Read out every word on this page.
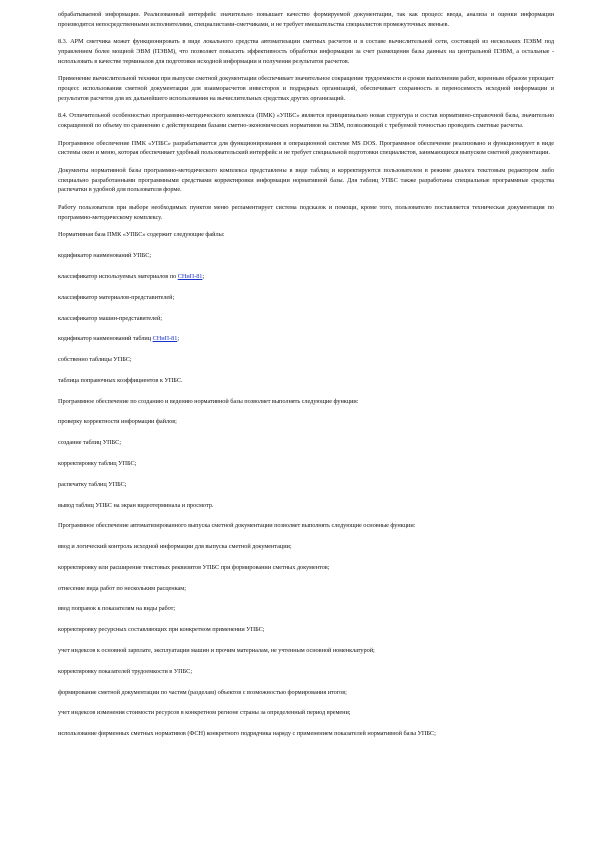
обрабатываемой информации. Реализованный интерфейс значительно повышает качество формируемой документации, так как процесс ввода, анализа и оценки информации производится непосредственными исполнителями, специалистами-сметчиками, и не требует вмешательства специалистов промежуточных звеньев.

8.3. АРМ сметчика может функционировать в виде локального средства автоматизации сметных расчетов и в составе вычислительной сети, состоящей из нескольких ПЭВМ под управлением более мощной ЭВМ (ПЭВМ), что позволяет повысить эффективность обработки информации за счет размещения базы данных на центральной ПЭВМ, а остальные - использовать в качестве терминалов для подготовки исходной информации и получения результатов расчетов.

Применение вычислительной техники при выпуске сметной документации обеспечивает значительное сокращение трудоемкости и сроков выполнения работ, коренным образом упрощает процесс использования сметной документации для взаиморасчетов инвесторов и подрядных организаций, обеспечивает сохранность и переносимость исходной информации и результатов расчетов для их дальнейшего использования на вычислительных средствах других организаций.

8.4. Отличительной особенностью программно-методического комплекса (ПМК) «УПБС» является принципиально новая структура и состав нормативно-справочной базы, значительно сокращенной по объему по сравнению с действующими базами сметно-экономических нормативов на ЭВМ, позволяющей с требуемой точностью проводить сметные расчеты.

Программное обеспечение ПМК «УПБС» разрабатывается для функционирования в операционной системе MS DOS. Программное обеспечение реализовано и функционирует в виде системы окон и меню, которая обеспечивает удобный пользовательский интерфейс и не требует специальной подготовки специалистов, занимающихся выпуском сметной документации.

Документы нормативной базы программно-методического комплекса представлены в виде таблиц и корректируются пользователем в режиме диалога текстовым редактором либо специально разработанными программными средствами корректировки информации нормативной базы. Для таблиц УПБС также разработаны специальные программные средства распечатки в удобной для пользователя форме.

Работу пользователя при выборе необходимых пунктов меню регламентирует система подсказок и помощи, кроме того, пользователю поставляется техническая документация по программно-методическому комплексу.

Нормативная база ПМК «УПБС» содержит следующие файлы:

кодификатор наименований УПБС;

классификатор используемых материалов по СНиП-81;

классификатор материалов-представителей;

классификатор машин-представителей;

кодификатор наименований таблиц СНиП-81;

собственно таблицы УПБС;

таблица поправочных коэффициентов к УПБС.

Программное обеспечение по созданию и ведению нормативной базы позволяет выполнять следующие функции:

проверку корректности информации файлов;

создание таблиц УПБС;

корректировку таблиц УПБС;

распечатку таблиц УПБС;

вывод таблиц УПБС на экран видеотерминала и просмотр.

Программное обеспечение автоматизированного выпуска сметной документации позволяет выполнять следующие основные функции:

ввод и логический контроль исходной информации для выпуска сметной документации;

корректировку или расширение текстовых реквизитов УПБС при формировании сметных документов;

отнесение вида работ по нескольким расценкам;

ввод поправок к показателям на виды работ;

корректировку ресурсных составляющих при конкретном применении УПБС;

учет индексов к основной зарплате, эксплуатации машин и прочим материалам, не учтенным основной номенклатурой;

корректировку показателей трудоемкости в УПБС;

формирование сметной документации по частям (разделам) объектов с возможностью формирования итогов;

учет индексов изменения стоимости ресурсов в конкретном регионе страны за определенный период времени;

использование фирменных сметных нормативов (ФСН) конкретного подрядчика наряду с применением показателей нормативной базы УПБС;
